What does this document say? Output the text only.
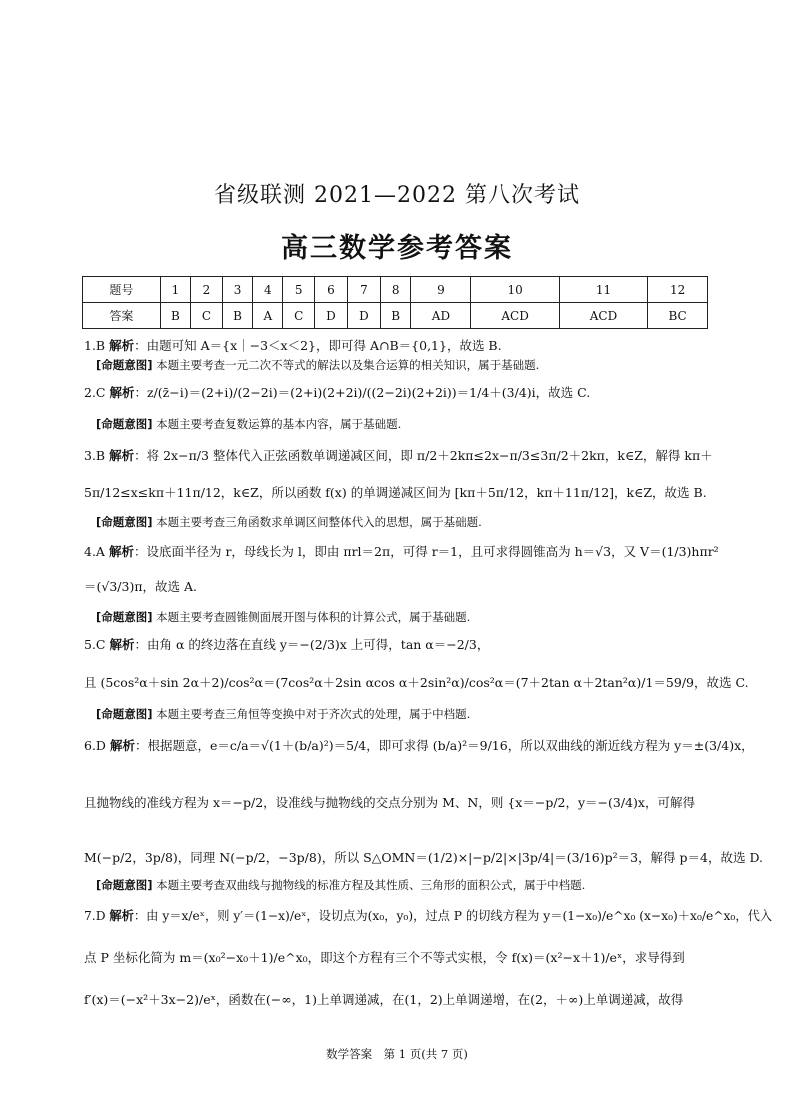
省级联测 2021—2022 第八次考试
高三数学参考答案
题号	1	2	3	4	5	6	7	8	9	10	11	12
答案	B	C	B	A	C	D	D	B	AD	ACD	ACD	BC
1.B 解析：由题可知 A＝{x｜−3＜x＜2}，即可得 A∩B＝{0,1}，故选 B.
[命题意图] 本题主要考查一元二次不等式的解法以及集合运算的相关知识，属于基础题.
2.C 解析：z/(z̄−i)＝(2+i)/(2−2i)＝(2+i)(2+2i)/((2−2i)(2+2i))＝1/4＋(3/4)i，故选 C.
[命题意图] 本题主要考查复数运算的基本内容，属于基础题.
3.B 解析：将 2x−π/3 整体代入正弦函数单调递减区间，即 π/2＋2kπ≤2x−π/3≤3π/2＋2kπ，k∈Z，解得 kπ＋
5π/12≤x≤kπ＋11π/12，k∈Z，所以函数 f(x) 的单调递减区间为 [kπ＋5π/12，kπ＋11π/12]，k∈Z，故选 B.
[命题意图] 本题主要考查三角函数求单调区间整体代入的思想，属于基础题.
4.A 解析：设底面半径为 r，母线长为 l，即由 πrl＝2π，可得 r＝1，且可求得圆锥高为 h＝√3，又 V＝(1/3)hπr²
＝(√3/3)π，故选 A.
[命题意图] 本题主要考查圆锥侧面展开图与体积的计算公式，属于基础题.
5.C 解析：由角 α 的终边落在直线 y＝−(2/3)x 上可得，tan α＝−2/3，
且 (5cos²α＋sin 2α＋2)/cos²α＝(7cos²α＋2sin αcos α＋2sin²α)/cos²α＝(7＋2tan α＋2tan²α)/1＝59/9，故选 C.
[命题意图] 本题主要考查三角恒等变换中对于齐次式的处理，属于中档题.
6.D 解析：根据题意，e＝c/a＝√(1＋(b/a)²)＝5/4，即可求得 (b/a)²＝9/16，所以双曲线的渐近线方程为 y＝±(3/4)x，
且抛物线的准线方程为 x＝−p/2，设准线与抛物线的交点分别为 M、N，则 {x＝−p/2，y＝−(3/4)x，可解得
M(−p/2，3p/8)，同理 N(−p/2，−3p/8)，所以 S△OMN＝(1/2)×|−p/2|×|3p/4|＝(3/16)p²＝3，解得 p＝4，故选 D.
[命题意图] 本题主要考查双曲线与抛物线的标准方程及其性质、三角形的面积公式，属于中档题.
7.D 解析：由 y＝x/eˣ，则 y′＝(1−x)/eˣ，设切点为(x₀，y₀)，过点 P 的切线方程为 y＝(1−x₀)/e^x₀ (x−x₀)＋x₀/e^x₀，代入
点 P 坐标化简为 m＝(x₀²−x₀＋1)/e^x₀，即这个方程有三个不等式实根，令 f(x)＝(x²−x＋1)/eˣ，求导得到
f′(x)＝(−x²＋3x−2)/eˣ，函数在(−∞，1)上单调递减，在(1，2)上单调递增，在(2，＋∞)上单调递减，故得
数学答案　第 1 页(共 7 页)
